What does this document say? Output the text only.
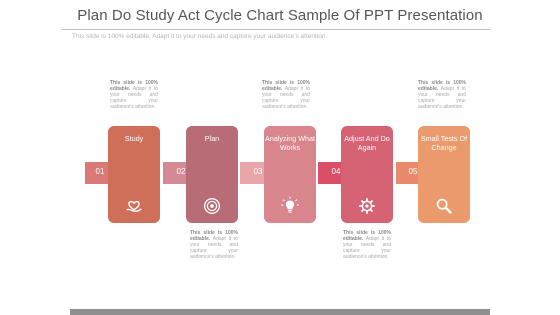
Plan Do Study Act Cycle Chart Sample Of PPT Presentation
This slide is 100% editable. Adapt it to your needs and capture your audience's attention.
Study
01
Plan
02
Analyzing What Works
03
Adjust And Do Again
04
Small Tests Of Change
05
This slide is 100% editable. Adapt it to your needs and capture your audience's attention.
This slide is 100% editable. Adapt it to your needs and capture your audience's attention.
This slide is 100% editable. Adapt it to your needs and capture your audience's attention.
This slide is 100% editable. Adapt it to your needs and capture your audience's attention.
This slide is 100% editable. Adapt it to your needs and capture your audience's attention.
